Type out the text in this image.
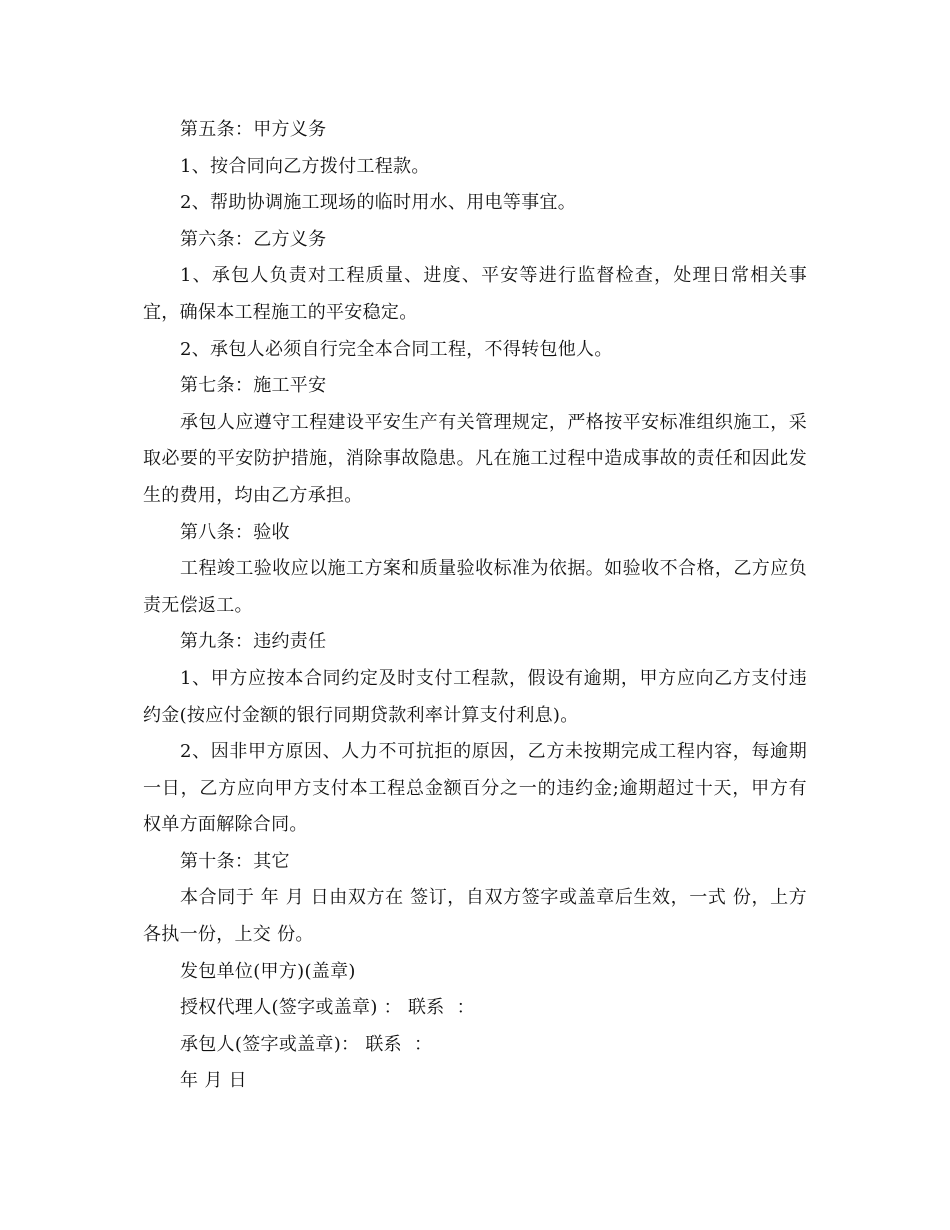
第五条：甲方义务

1、按合同向乙方拨付工程款。

2、帮助协调施工现场的临时用水、用电等事宜。

第六条：乙方义务

1、承包人负责对工程质量、进度、平安等进行监督检查，处理日常相关事宜，确保本工程施工的平安稳定。

2、承包人必须自行完全本合同工程，不得转包他人。

第七条：施工平安

承包人应遵守工程建设平安生产有关管理规定，严格按平安标准组织施工，采取必要的平安防护措施，消除事故隐患。凡在施工过程中造成事故的责任和因此发生的费用，均由乙方承担。

第八条：验收

工程竣工验收应以施工方案和质量验收标准为依据。如验收不合格，乙方应负责无偿返工。

第九条：违约责任

1、甲方应按本合同约定及时支付工程款，假设有逾期，甲方应向乙方支付违约金(按应付金额的银行同期贷款利率计算支付利息)。

2、因非甲方原因、人力不可抗拒的原因，乙方未按期完成工程内容，每逾期一日，乙方应向甲方支付本工程总金额百分之一的违约金;逾期超过十天，甲方有权单方面解除合同。

第十条：其它

本合同于 年 月 日由双方在 签订，自双方签字或盖章后生效，一式 份，上方各执一份，上交 份。

发包单位(甲方)(盖章)

授权代理人(签字或盖章) ： 联系  ：

承包人(签字或盖章)： 联系  ：

年 月 日
